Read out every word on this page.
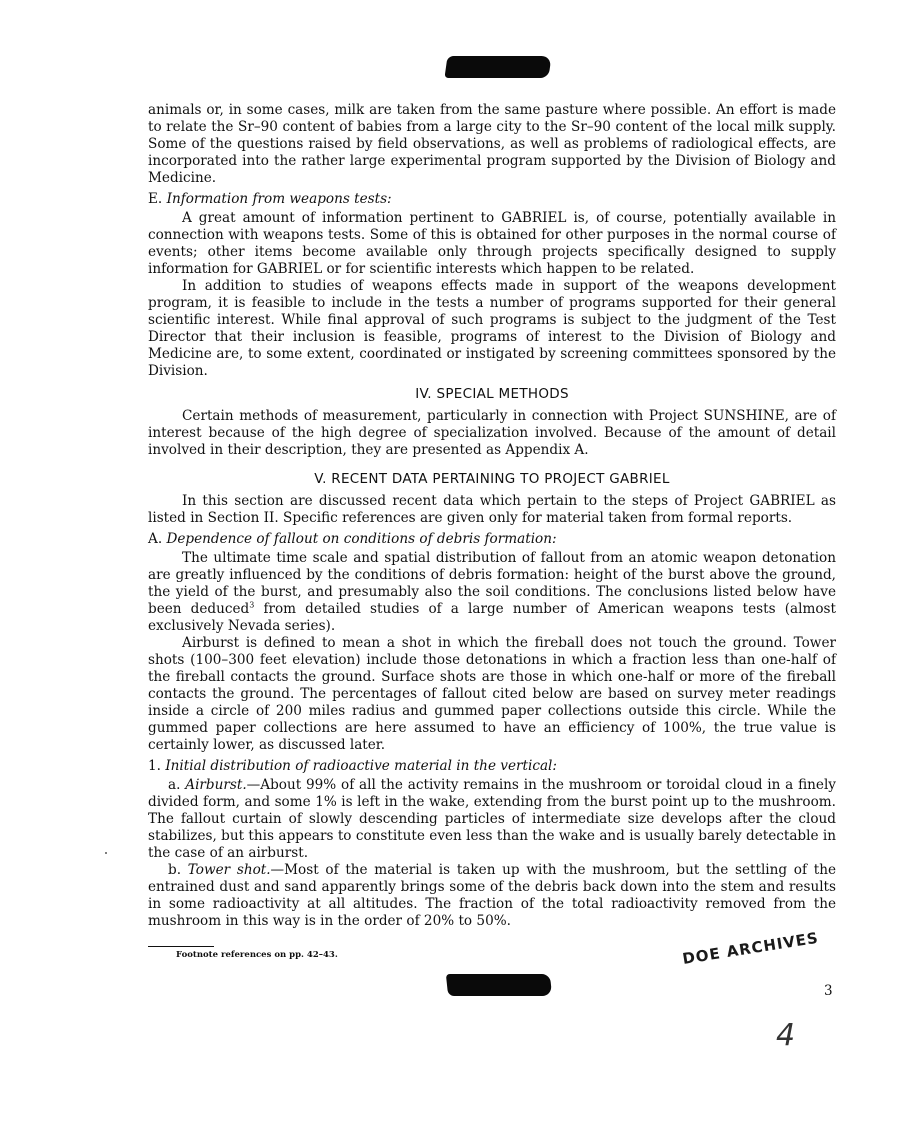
animals or, in some cases, milk are taken from the same pasture where possible. An effort is made to relate the Sr–90 content of babies from a large city to the Sr–90 content of the local milk supply. Some of the questions raised by field observations, as well as problems of radiological effects, are incorporated into the rather large experimental program supported by the Division of Biology and Medicine.

E. Information from weapons tests:

A great amount of information pertinent to GABRIEL is, of course, potentially available in connection with weapons tests. Some of this is obtained for other purposes in the normal course of events; other items become available only through projects specifically designed to supply information for GABRIEL or for scientific interests which happen to be related.

In addition to studies of weapons effects made in support of the weapons development program, it is feasible to include in the tests a number of programs supported for their general scientific interest. While final approval of such programs is subject to the judgment of the Test Director that their inclusion is feasible, programs of interest to the Division of Biology and Medicine are, to some extent, coordinated or instigated by screening committees sponsored by the Division.

IV. SPECIAL METHODS

Certain methods of measurement, particularly in connection with Project SUNSHINE, are of interest because of the high degree of specialization involved. Because of the amount of detail involved in their description, they are presented as Appendix A.

V. RECENT DATA PERTAINING TO PROJECT GABRIEL

In this section are discussed recent data which pertain to the steps of Project GABRIEL as listed in Section II. Specific references are given only for material taken from formal reports.

A. Dependence of fallout on conditions of debris formation:

The ultimate time scale and spatial distribution of fallout from an atomic weapon detonation are greatly influenced by the conditions of debris formation: height of the burst above the ground, the yield of the burst, and presumably also the soil conditions. The conclusions listed below have been deduced$^3$ from detailed studies of a large number of American weapons tests (almost exclusively Nevada series).

Airburst is defined to mean a shot in which the fireball does not touch the ground. Tower shots (100–300 feet elevation) include those detonations in which a fraction less than one-half of the fireball contacts the ground. Surface shots are those in which one-half or more of the fireball contacts the ground. The percentages of fallout cited below are based on survey meter readings inside a circle of 200 miles radius and gummed paper collections outside this circle. While the gummed paper collections are here assumed to have an efficiency of 100%, the true value is certainly lower, as discussed later.

1. Initial distribution of radioactive material in the vertical:

a. Airburst.—About 99% of all the activity remains in the mushroom or toroidal cloud in a finely divided form, and some 1% is left in the wake, extending from the burst point up to the mushroom. The fallout curtain of slowly descending particles of intermediate size develops after the cloud stabilizes, but this appears to constitute even less than the wake and is usually barely detectable in the case of an airburst.

b. Tower shot.—Most of the material is taken up with the mushroom, but the settling of the entrained dust and sand apparently brings some of the debris back down into the stem and results in some radioactivity at all altitudes. The fraction of the total radioactivity removed from the mushroom in this way is in the order of 20% to 50%.

Footnote references on pp. 42–43.	DOE ARCHIVES
3
4
